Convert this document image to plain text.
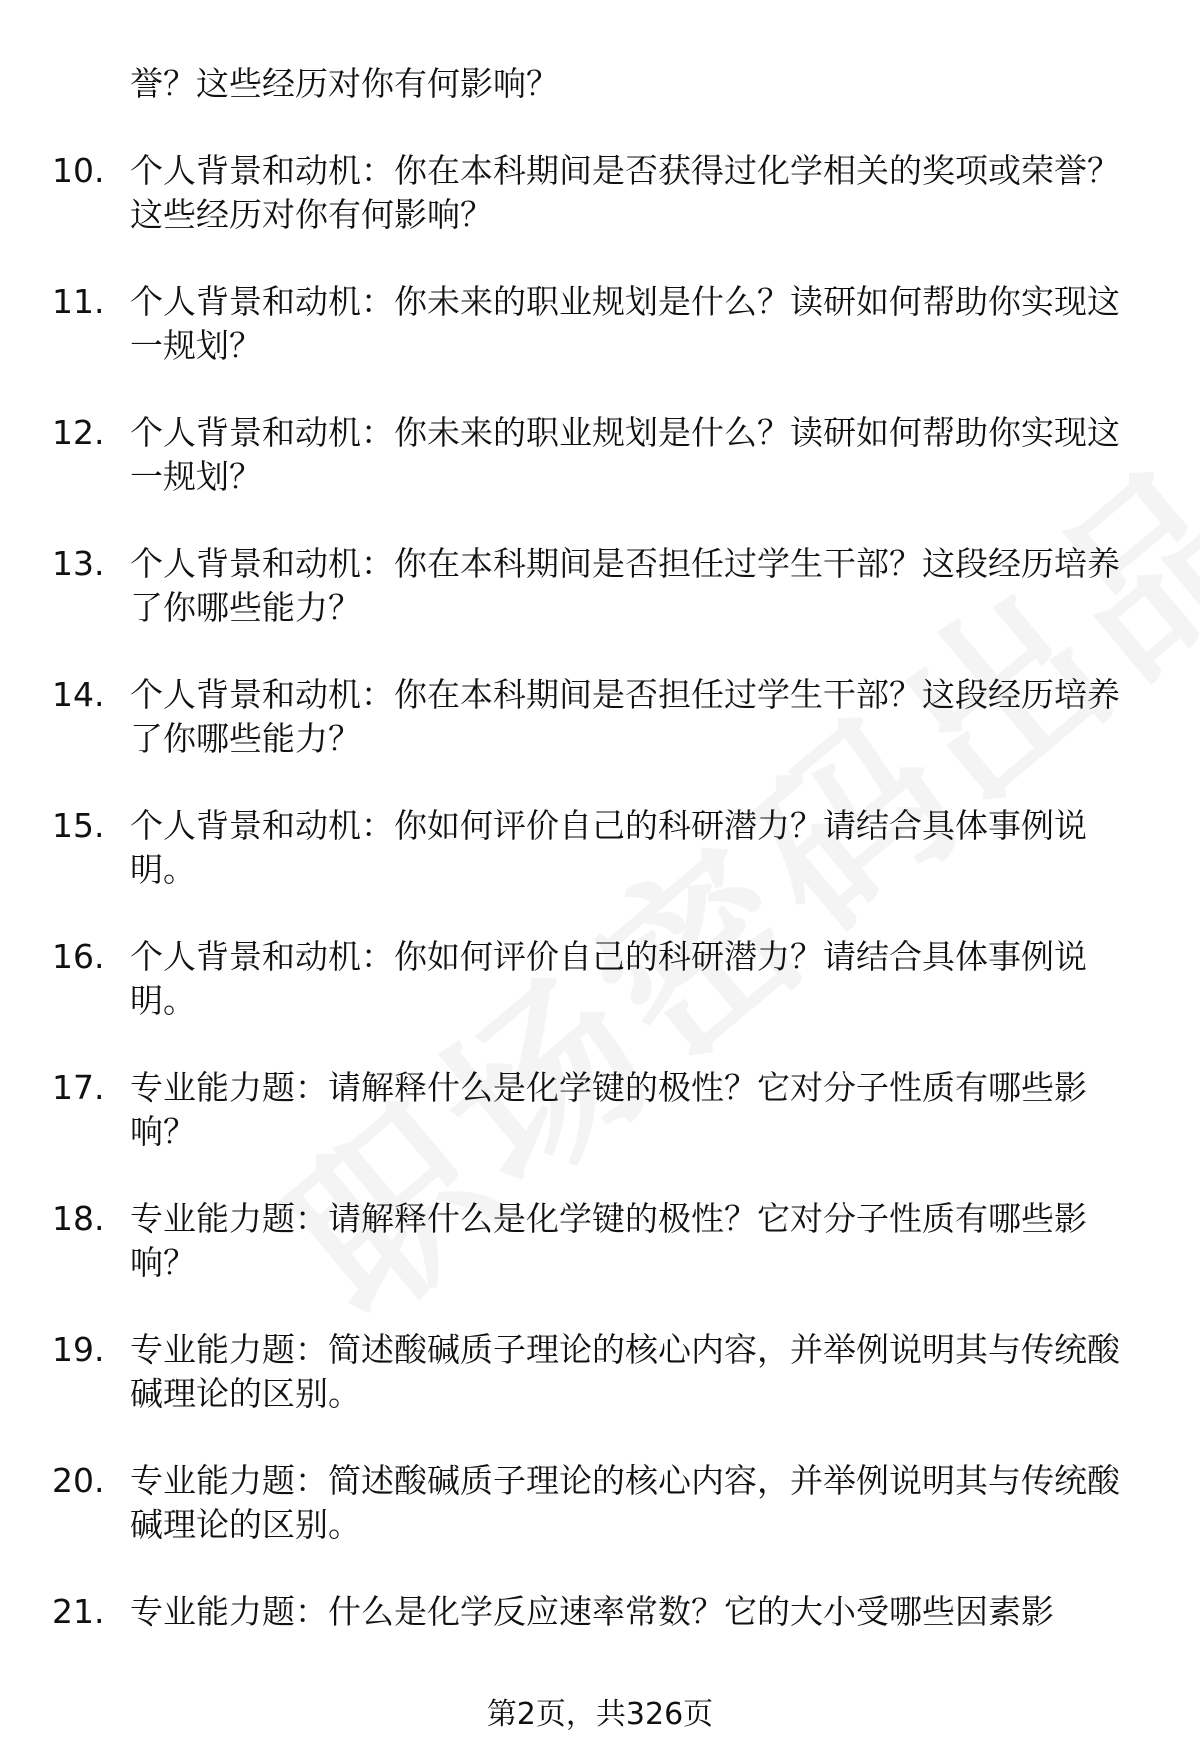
誉？这些经历对你有何影响？
10. 个人背景和动机：你在本科期间是否获得过化学相关的奖项或荣誉？这些经历对你有何影响？
11. 个人背景和动机：你未来的职业规划是什么？读研如何帮助你实现这一规划？
12. 个人背景和动机：你未来的职业规划是什么？读研如何帮助你实现这一规划？
13. 个人背景和动机：你在本科期间是否担任过学生干部？这段经历培养了你哪些能力？
14. 个人背景和动机：你在本科期间是否担任过学生干部？这段经历培养了你哪些能力？
15. 个人背景和动机：你如何评价自己的科研潜力？请结合具体事例说明。
16. 个人背景和动机：你如何评价自己的科研潜力？请结合具体事例说明。
17. 专业能力题：请解释什么是化学键的极性？它对分子性质有哪些影响？
18. 专业能力题：请解释什么是化学键的极性？它对分子性质有哪些影响？
19. 专业能力题：简述酸碱质子理论的核心内容，并举例说明其与传统酸碱理论的区别。
20. 专业能力题：简述酸碱质子理论的核心内容，并举例说明其与传统酸碱理论的区别。
21. 专业能力题：什么是化学反应速率常数？它的大小受哪些因素影
第2页，共326页
